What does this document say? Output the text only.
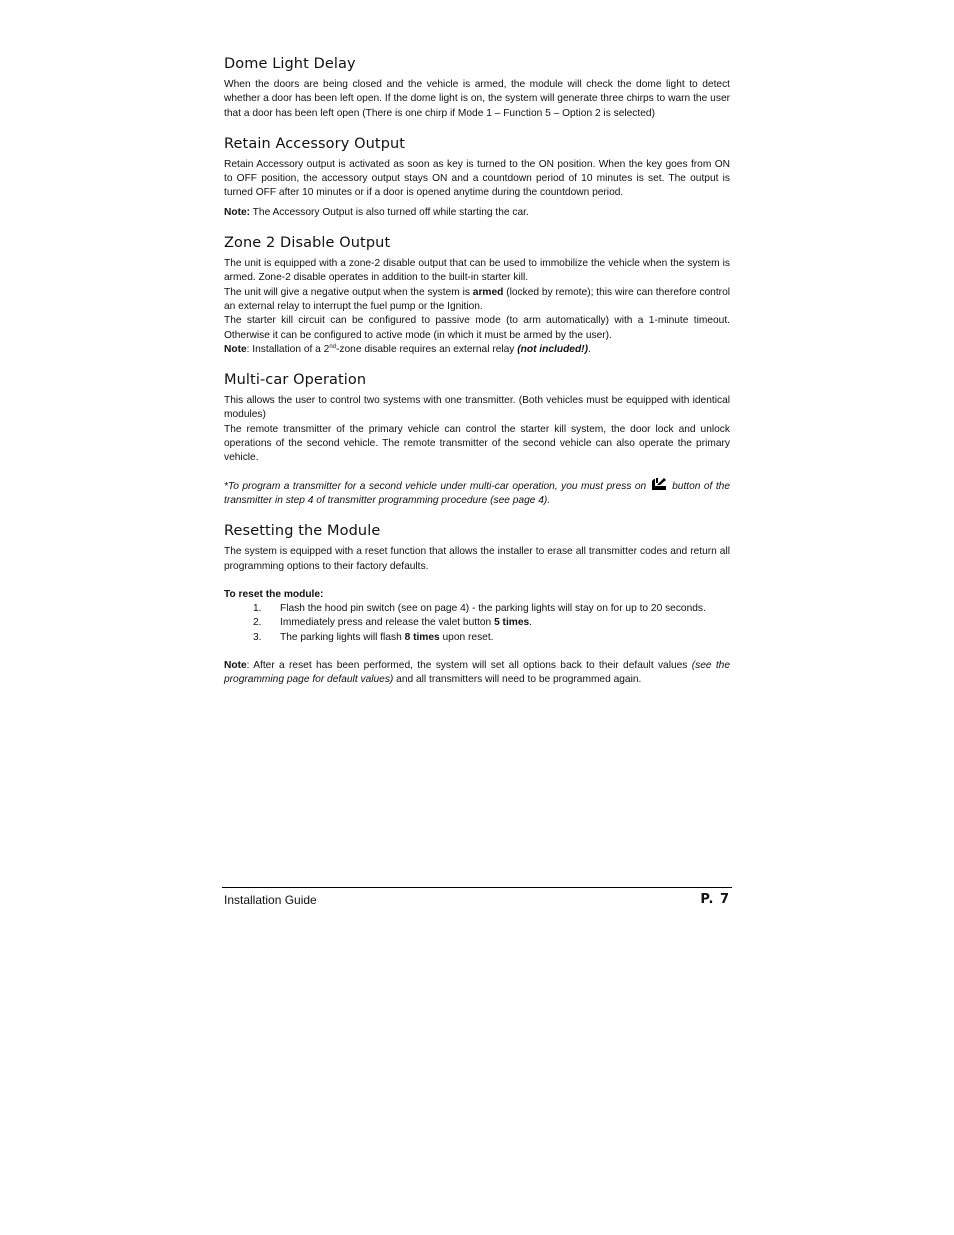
Dome Light Delay

When the doors are being closed and the vehicle is armed, the module will check the dome light to detect whether a door has been left open. If the dome light is on, the system will generate three chirps to warn the user that a door has been left open (There is one chirp if Mode 1 – Function 5 – Option 2 is selected)

Retain Accessory Output

Retain Accessory output is activated as soon as key is turned to the ON position. When the key goes from ON to OFF position, the accessory output stays ON and a countdown period of 10 minutes is set. The output is turned OFF after 10 minutes or if a door is opened anytime during the countdown period.

Note: The Accessory Output is also turned off while starting the car.

Zone 2 Disable Output

The unit is equipped with a zone-2 disable output that can be used to immobilize the vehicle when the system is armed. Zone-2 disable operates in addition to the built-in starter kill.

The unit will give a negative output when the system is armed (locked by remote); this wire can therefore control an external relay to interrupt the fuel pump or the Ignition.

The starter kill circuit can be configured to passive mode (to arm automatically) with a 1-minute timeout. Otherwise it can be configured to active mode (in which it must be armed by the user).

Note: Installation of a 2nd-zone disable requires an external relay (not included!).

Multi-car Operation

This allows the user to control two systems with one transmitter. (Both vehicles must be equipped with identical modules)

The remote transmitter of the primary vehicle can control the starter kill system, the door lock and unlock operations of the second vehicle. The remote transmitter of the second vehicle can also operate the primary vehicle.

*To program a transmitter for a second vehicle under multi-car operation, you must press on  button of the transmitter in step 4 of transmitter programming procedure (see page 4).

Resetting the Module

The system is equipped with a reset function that allows the installer to erase all transmitter codes and return all programming options to their factory defaults.

To reset the module:

1. Flash the hood pin switch (see on page 4) - the parking lights will stay on for up to 20 seconds.
2. Immediately press and release the valet button 5 times.
3. The parking lights will flash 8 times upon reset.

Note: After a reset has been performed, the system will set all options back to their default values (see the programming page for default values) and all transmitters will need to be programmed again.

Installation Guide	P. 7
